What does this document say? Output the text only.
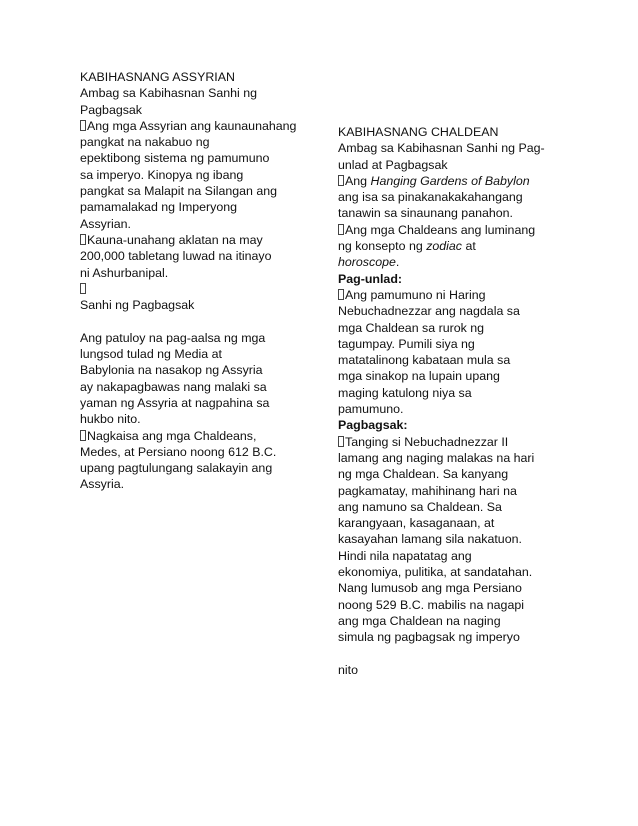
KABIHASNANG ASSYRIAN
Ambag sa Kabihasnan Sanhi ng
Pagbagsak
Ang mga Assyrian ang kaunaunahang
pangkat na nakabuo ng
epektibong sistema ng pamumuno
sa imperyo. Kinopya ng ibang
pangkat sa Malapit na Silangan ang
pamamalakad ng Imperyong
Assyrian.
Kauna-unahang aklatan na may
200,000 tabletang luwad na itinayo
ni Ashurbanipal.
Sanhi ng Pagbagsak
Ang patuloy na pag-aalsa ng mga
lungsod tulad ng Media at
Babylonia na nasakop ng Assyria
ay nakapagbawas nang malaki sa
yaman ng Assyria at nagpahina sa
hukbo nito.
Nagkaisa ang mga Chaldeans,
Medes, at Persiano noong 612 B.C.
upang pagtulungang salakayin ang
Assyria.
KABIHASNANG CHALDEAN
Ambag sa Kabihasnan Sanhi ng Pag-
unlad at Pagbagsak
Ang Hanging Gardens of Babylon
ang isa sa pinakanakakahangang
tanawin sa sinaunang panahon.
Ang mga Chaldeans ang luminang
ng konsepto ng zodiac at
horoscope.
Pag-unlad:
Ang pamumuno ni Haring
Nebuchadnezzar ang nagdala sa
mga Chaldean sa rurok ng
tagumpay. Pumili siya ng
matatalinong kabataan mula sa
mga sinakop na lupain upang
maging katulong niya sa
pamumuno.
Pagbagsak:
Tanging si Nebuchadnezzar II
lamang ang naging malakas na hari
ng mga Chaldean. Sa kanyang
pagkamatay, mahihinang hari na
ang namuno sa Chaldean. Sa
karangyaan, kasaganaan, at
kasayahan lamang sila nakatuon.
Hindi nila napatatag ang
ekonomiya, pulitika, at sandatahan.
Nang lumusob ang mga Persiano
noong 529 B.C. mabilis na nagapi
ang mga Chaldean na naging
simula ng pagbagsak ng imperyo
nito
